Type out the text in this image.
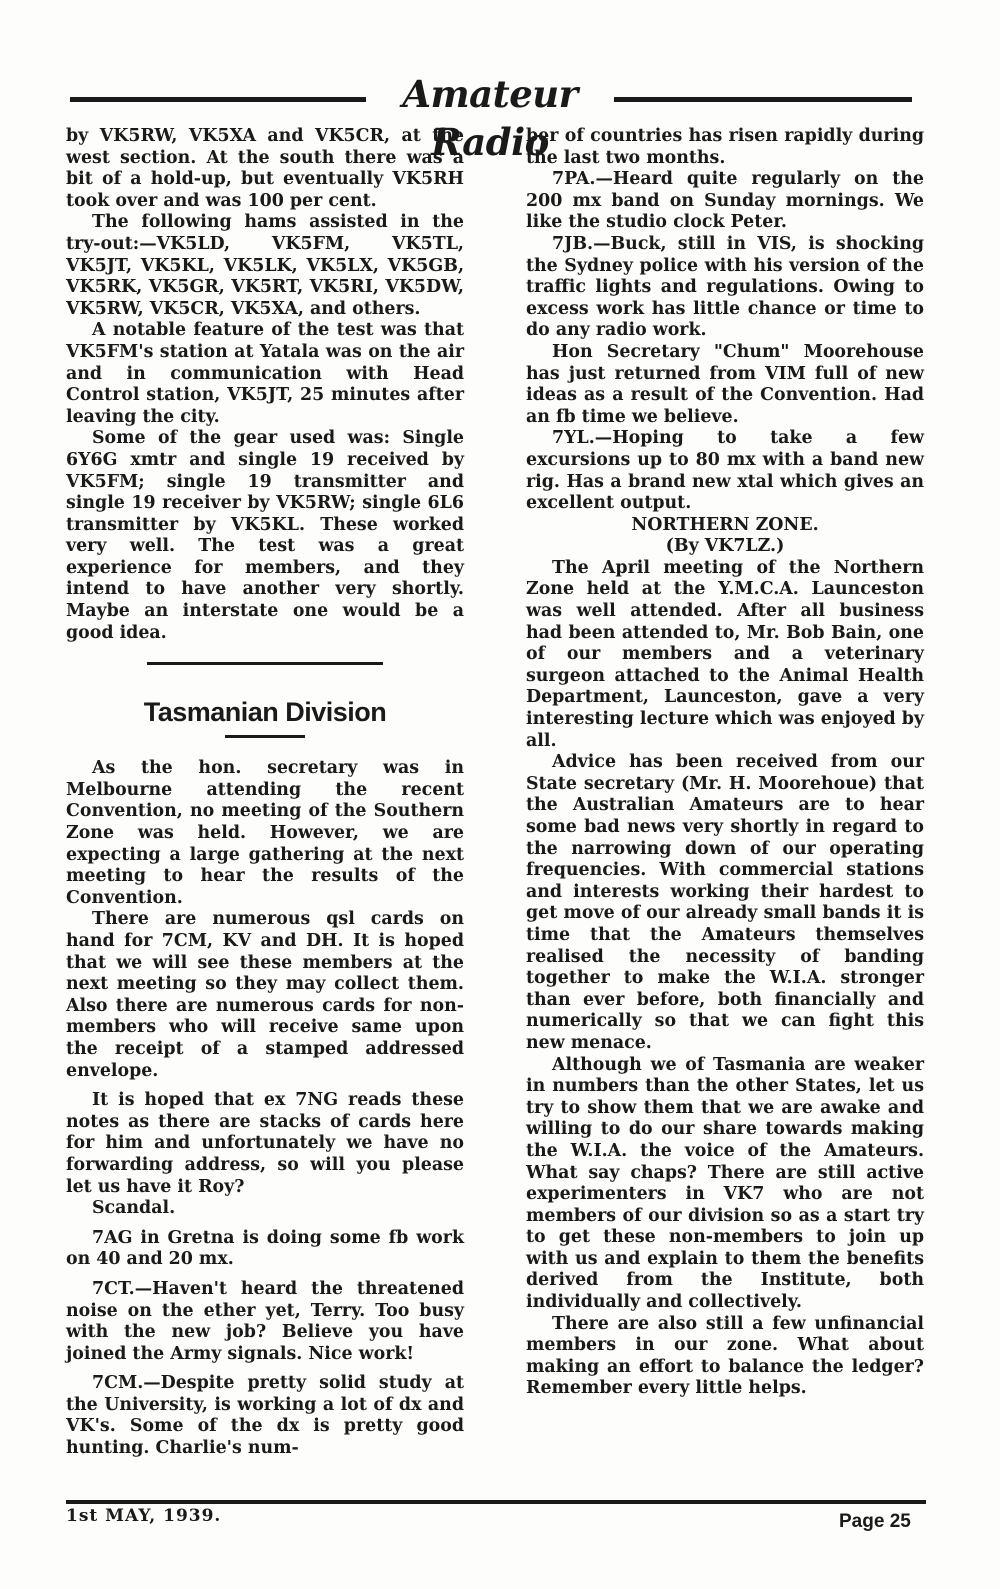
Amateur Radio

by VK5RW, VK5XA and VK5CR, at the west section. At the south there was a bit of a hold-up, but eventually VK5RH took over and was 100 per cent.

The following hams assisted in the try-out:—VK5LD, VK5FM, VK5TL, VK5JT, VK5KL, VK5LK, VK5LX, VK5GB, VK5RK, VK5GR, VK5RT, VK5RI, VK5DW, VK5RW, VK5CR, VK5XA, and others.

A notable feature of the test was that VK5FM's station at Yatala was on the air and in communication with Head Control station, VK5JT, 25 minutes after leaving the city.

Some of the gear used was: Single 6Y6G xmtr and single 19 received by VK5FM; single 19 transmitter and single 19 receiver by VK5RW; single 6L6 transmitter by VK5KL. These worked very well. The test was a great experience for members, and they intend to have another very shortly. Maybe an interstate one would be a good idea.

Tasmanian Division

As the hon. secretary was in Melbourne attending the recent Convention, no meeting of the Southern Zone was held. However, we are expecting a large gathering at the next meeting to hear the results of the Convention.

There are numerous qsl cards on hand for 7CM, KV and DH. It is hoped that we will see these members at the next meeting so they may collect them. Also there are numerous cards for non-members who will receive same upon the receipt of a stamped addressed envelope.

It is hoped that ex 7NG reads these notes as there are stacks of cards here for him and unfortunately we have no forwarding address, so will you please let us have it Roy?

Scandal.

7AG in Gretna is doing some fb work on 40 and 20 mx.

7CT.—Haven't heard the threatened noise on the ether yet, Terry. Too busy with the new job? Believe you have joined the Army signals. Nice work!

7CM.—Despite pretty solid study at the University, is working a lot of dx and VK's. Some of the dx is pretty good hunting. Charlie's num-

ber of countries has risen rapidly during the last two months.

7PA.—Heard quite regularly on the 200 mx band on Sunday mornings. We like the studio clock Peter.

7JB.—Buck, still in VIS, is shocking the Sydney police with his version of the traffic lights and regulations. Owing to excess work has little chance or time to do any radio work.

Hon Secretary "Chum" Moorehouse has just returned from VIM full of new ideas as a result of the Convention. Had an fb time we believe.

7YL.—Hoping to take a few excursions up to 80 mx with a band new rig. Has a brand new xtal which gives an excellent output.

NORTHERN ZONE.

(By VK7LZ.)

The April meeting of the Northern Zone held at the Y.M.C.A. Launceston was well attended. After all business had been attended to, Mr. Bob Bain, one of our members and a veterinary surgeon attached to the Animal Health Department, Launceston, gave a very interesting lecture which was enjoyed by all.

Advice has been received from our State secretary (Mr. H. Moorehoue) that the Australian Amateurs are to hear some bad news very shortly in regard to the narrowing down of our operating frequencies. With commercial stations and interests working their hardest to get move of our already small bands it is time that the Amateurs themselves realised the necessity of banding together to make the W.I.A. stronger than ever before, both financially and numerically so that we can fight this new menace.

Although we of Tasmania are weaker in numbers than the other States, let us try to show them that we are awake and willing to do our share towards making the W.I.A. the voice of the Amateurs. What say chaps? There are still active experimenters in VK7 who are not members of our division so as a start try to get these non-members to join up with us and explain to them the benefits derived from the Institute, both individually and collectively.

There are also still a few unfinancial members in our zone. What about making an effort to balance the ledger? Remember every little helps.

1st MAY, 1939.	Page 25
